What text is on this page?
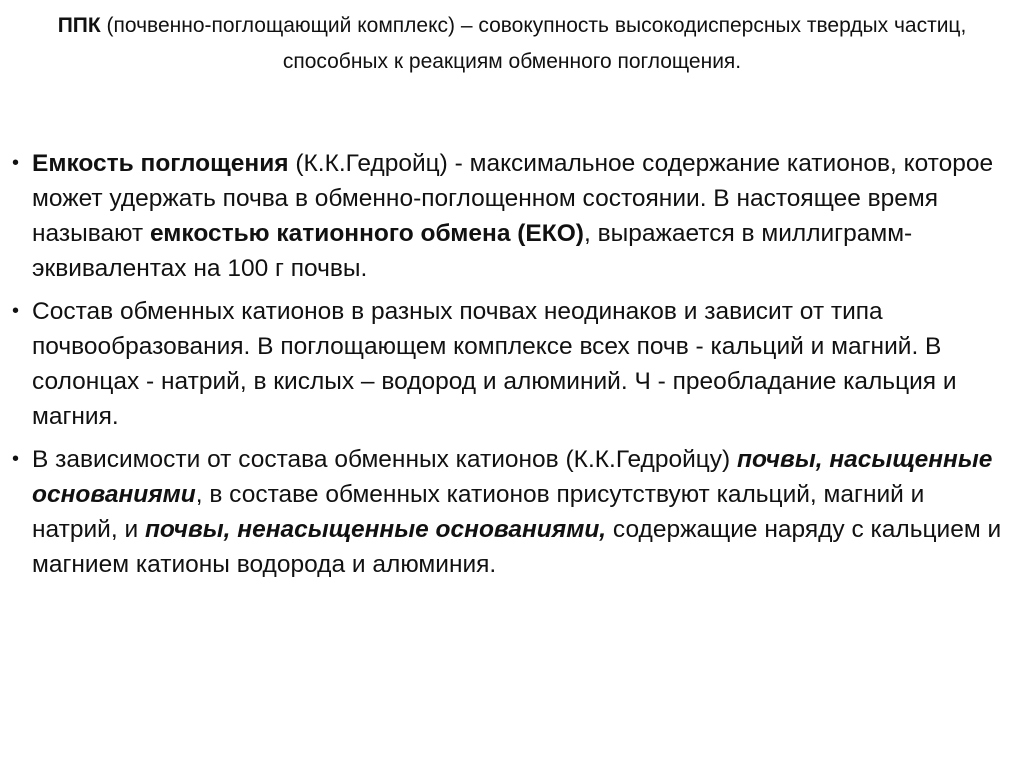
ППК (почвенно-поглощающий комплекс) – совокупность высокодисперсных твердых частиц, способных к реакциям обменного поглощения.
• Емкость поглощения (К.К.Гедройц) - максимальное содержание катионов, которое может удержать почва в обменно-поглощенном состоянии. В настоящее время называют емкостью катионного обмена (ЕКО), выражается в миллиграмм-эквивалентах на 100 г почвы.
• Состав обменных катионов в разных почвах неодинаков и зависит от типа почвообразования. В поглощающем комплексе всех почв - кальций и магний. В солонцах - натрий, в кислых – водород и алюминий. Ч - преобладание кальция и магния.
• В зависимости от состава обменных катионов (К.К.Гедройцу) почвы, насыщенные основаниями, в составе обменных катионов присутствуют кальций, магний и натрий, и почвы, ненасыщенные основаниями, содержащие наряду с кальцием и магнием катионы водорода и алюминия.
